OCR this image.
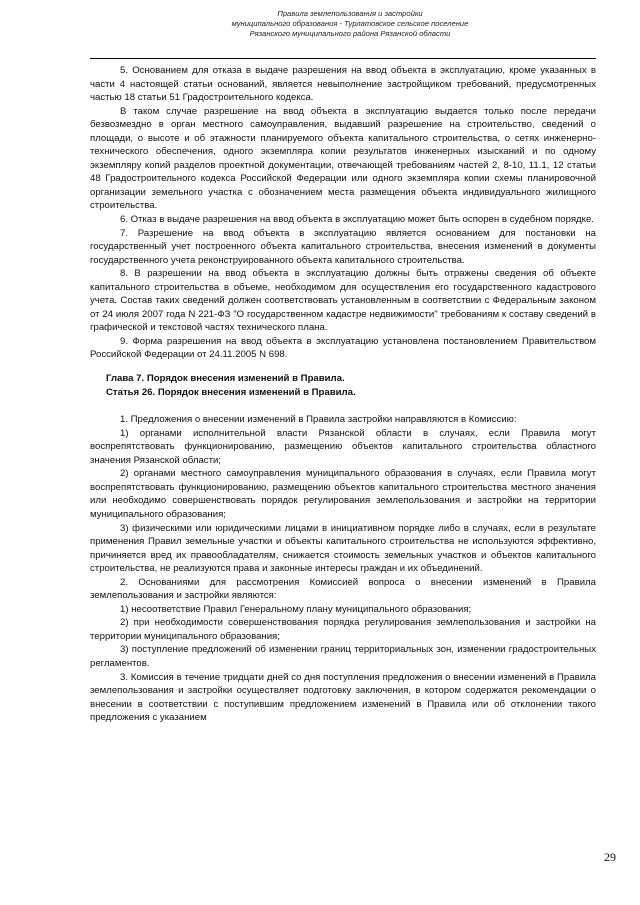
Правила землепользования и застройки
муниципального образования - Турлатовское сельское поселение
Рязанского муниципального района Рязанской области

5. Основанием для отказа в выдаче разрешения на ввод объекта в эксплуатацию, кроме указанных в части 4 настоящей статьи оснований, является невыполнение застройщиком требований, предусмотренных частью 18 статьи 51 Градостроительного кодекса.

В таком случае разрешение на ввод объекта в эксплуатацию выдается только после передачи безвозмездно в орган местного самоуправления, выдавший разрешение на строительство, сведений о площади, о высоте и об этажности планируемого объекта капитального строительства, о сетях инженерно-технического обеспечения, одного экземпляра копии результатов инженерных изысканий и по одному экземпляру копий разделов проектной документации, отвечающей требованиям частей 2, 8-10, 11.1, 12 статьи 48 Градостроительного кодекса Российской Федерации или одного экземпляра копии схемы планировочной организации земельного участка с обозначением места размещения объекта индивидуального жилищного строительства.

6. Отказ в выдаче разрешения на ввод объекта в эксплуатацию может быть оспорен в судебном порядке.

7. Разрешение на ввод объекта в эксплуатацию является основанием для постановки на государственный учет построенного объекта капитального строительства, внесения изменений в документы государственного учета реконструированного объекта капитального строительства.

8. В разрешении на ввод объекта в эксплуатацию должны быть отражены сведения об объекте капитального строительства в объеме, необходимом для осуществления его государственного кадастрового учета. Состав таких сведений должен соответствовать установленным в соответствии с Федеральным законом от 24 июля 2007 года N 221-ФЗ "О государственном кадастре недвижимости" требованиям к составу сведений в графической и текстовой частях технического плана.

9. Форма разрешения на ввод объекта в эксплуатацию установлена постановлением Правительством Российской Федерации от 24.11.2005 N 698.

Глава 7. Порядок внесения изменений в Правила.
Статья 26. Порядок внесения изменений в Правила.

1. Предложения о внесении изменений в Правила застройки направляются в Комиссию:

1) органами исполнительной власти Рязанской области в случаях, если Правила могут воспрепятствовать функционированию, размещению объектов капитального строительства областного значения Рязанской области;

2) органами местного самоуправления муниципального образования в случаях, если Правила могут воспрепятствовать функционированию, размещению объектов капитального строительства местного значения или необходимо совершенствовать порядок регулирования землепользования и застройки на территории муниципального образования;

3) физическими или юридическими лицами в инициативном порядке либо в случаях, если в результате применения Правил земельные участки и объекты капитального строительства не используются эффективно, причиняется вред их правообладателям, снижается стоимость земельных участков и объектов капитального строительства, не реализуются права и законные интересы граждан и их объединений.

2. Основаниями для рассмотрения Комиссией вопроса о внесении изменений в Правила землепользования и застройки являются:

1) несоответствие Правил Генеральному плану муниципального образования;

2) при необходимости совершенствования порядка регулирования землепользования и застройки на территории муниципального образования;

3) поступление предложений об изменении границ территориальных зон, изменении градостроительных регламентов.

3. Комиссия в течение тридцати дней со дня поступления предложения о внесении изменений в Правила землепользования и застройки осуществляет подготовку заключения, в котором содержатся рекомендации о внесении в соответствии с поступившим предложением изменений в Правила или об отклонении такого предложения с указанием

29
